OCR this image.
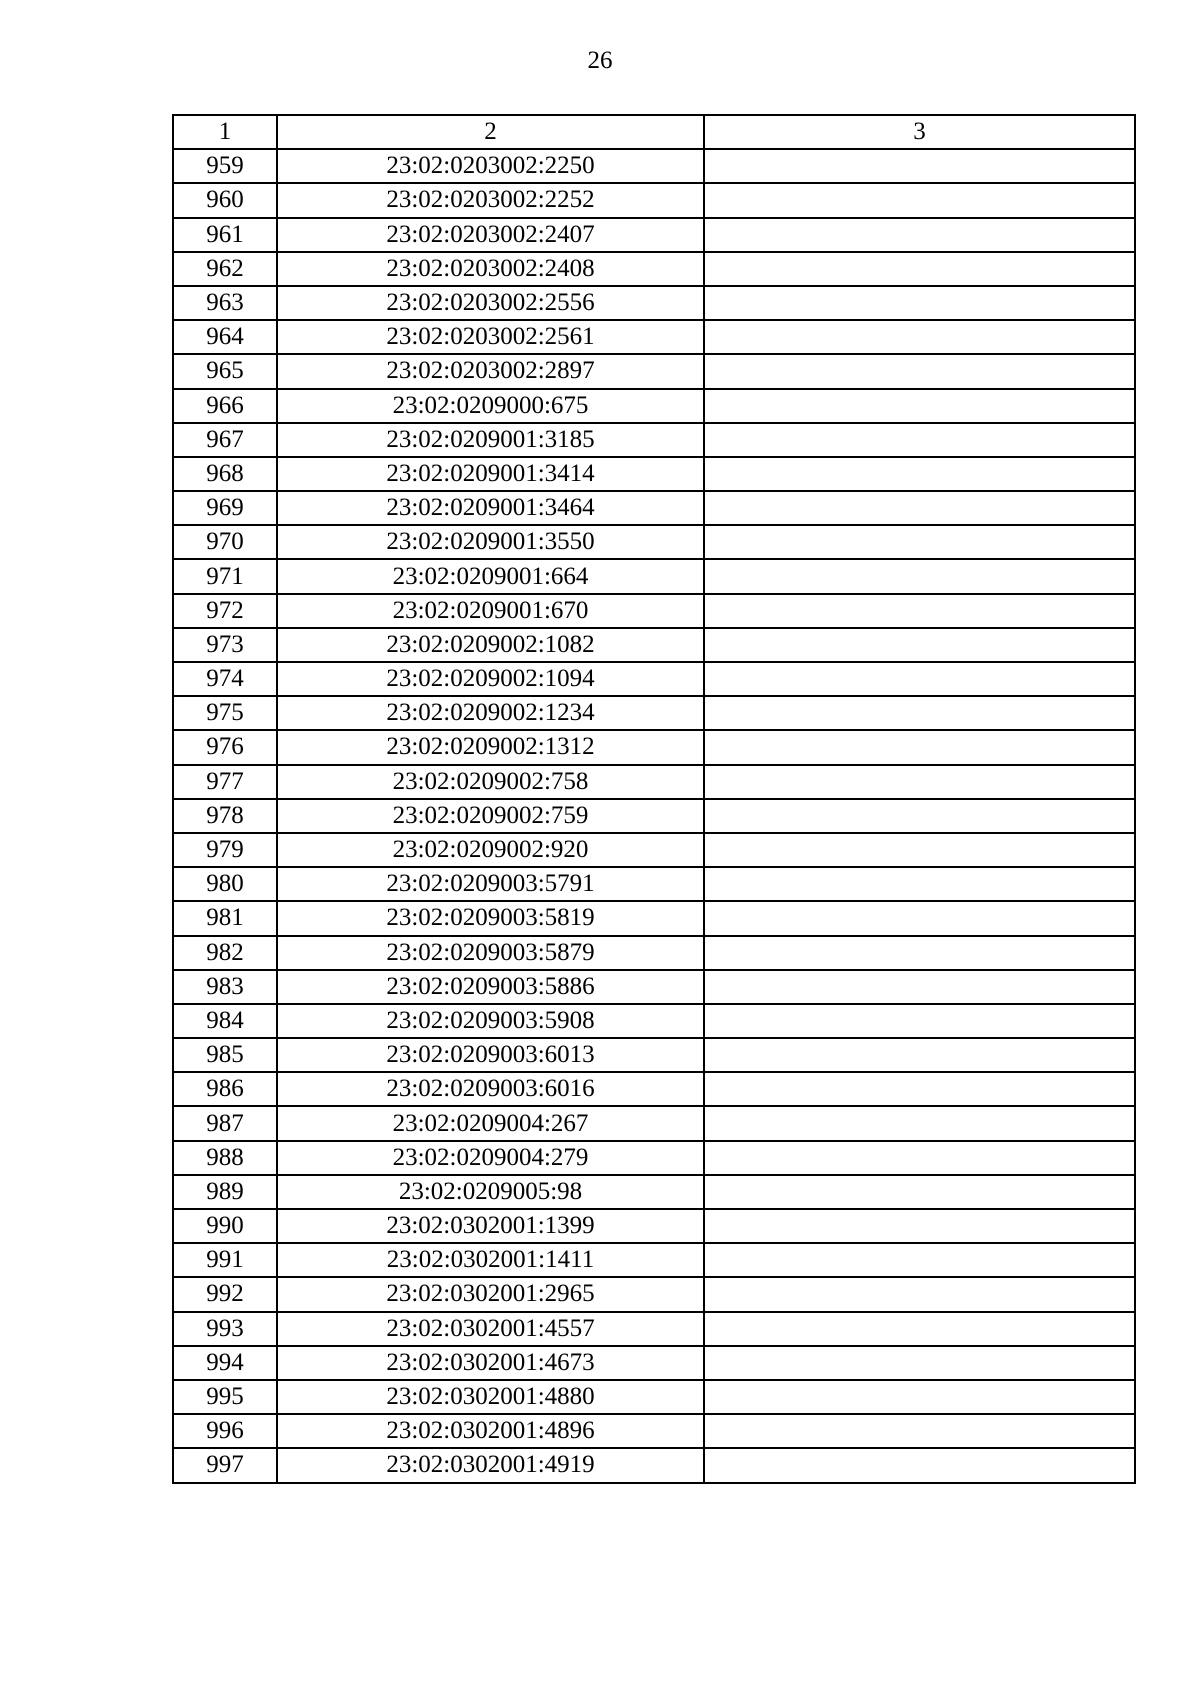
26
1	2	3
959	23:02:0203002:2250	
960	23:02:0203002:2252	
961	23:02:0203002:2407	
962	23:02:0203002:2408	
963	23:02:0203002:2556	
964	23:02:0203002:2561	
965	23:02:0203002:2897	
966	23:02:0209000:675	
967	23:02:0209001:3185	
968	23:02:0209001:3414	
969	23:02:0209001:3464	
970	23:02:0209001:3550	
971	23:02:0209001:664	
972	23:02:0209001:670	
973	23:02:0209002:1082	
974	23:02:0209002:1094	
975	23:02:0209002:1234	
976	23:02:0209002:1312	
977	23:02:0209002:758	
978	23:02:0209002:759	
979	23:02:0209002:920	
980	23:02:0209003:5791	
981	23:02:0209003:5819	
982	23:02:0209003:5879	
983	23:02:0209003:5886	
984	23:02:0209003:5908	
985	23:02:0209003:6013	
986	23:02:0209003:6016	
987	23:02:0209004:267	
988	23:02:0209004:279	
989	23:02:0209005:98	
990	23:02:0302001:1399	
991	23:02:0302001:1411	
992	23:02:0302001:2965	
993	23:02:0302001:4557	
994	23:02:0302001:4673	
995	23:02:0302001:4880	
996	23:02:0302001:4896	
997	23:02:0302001:4919	
